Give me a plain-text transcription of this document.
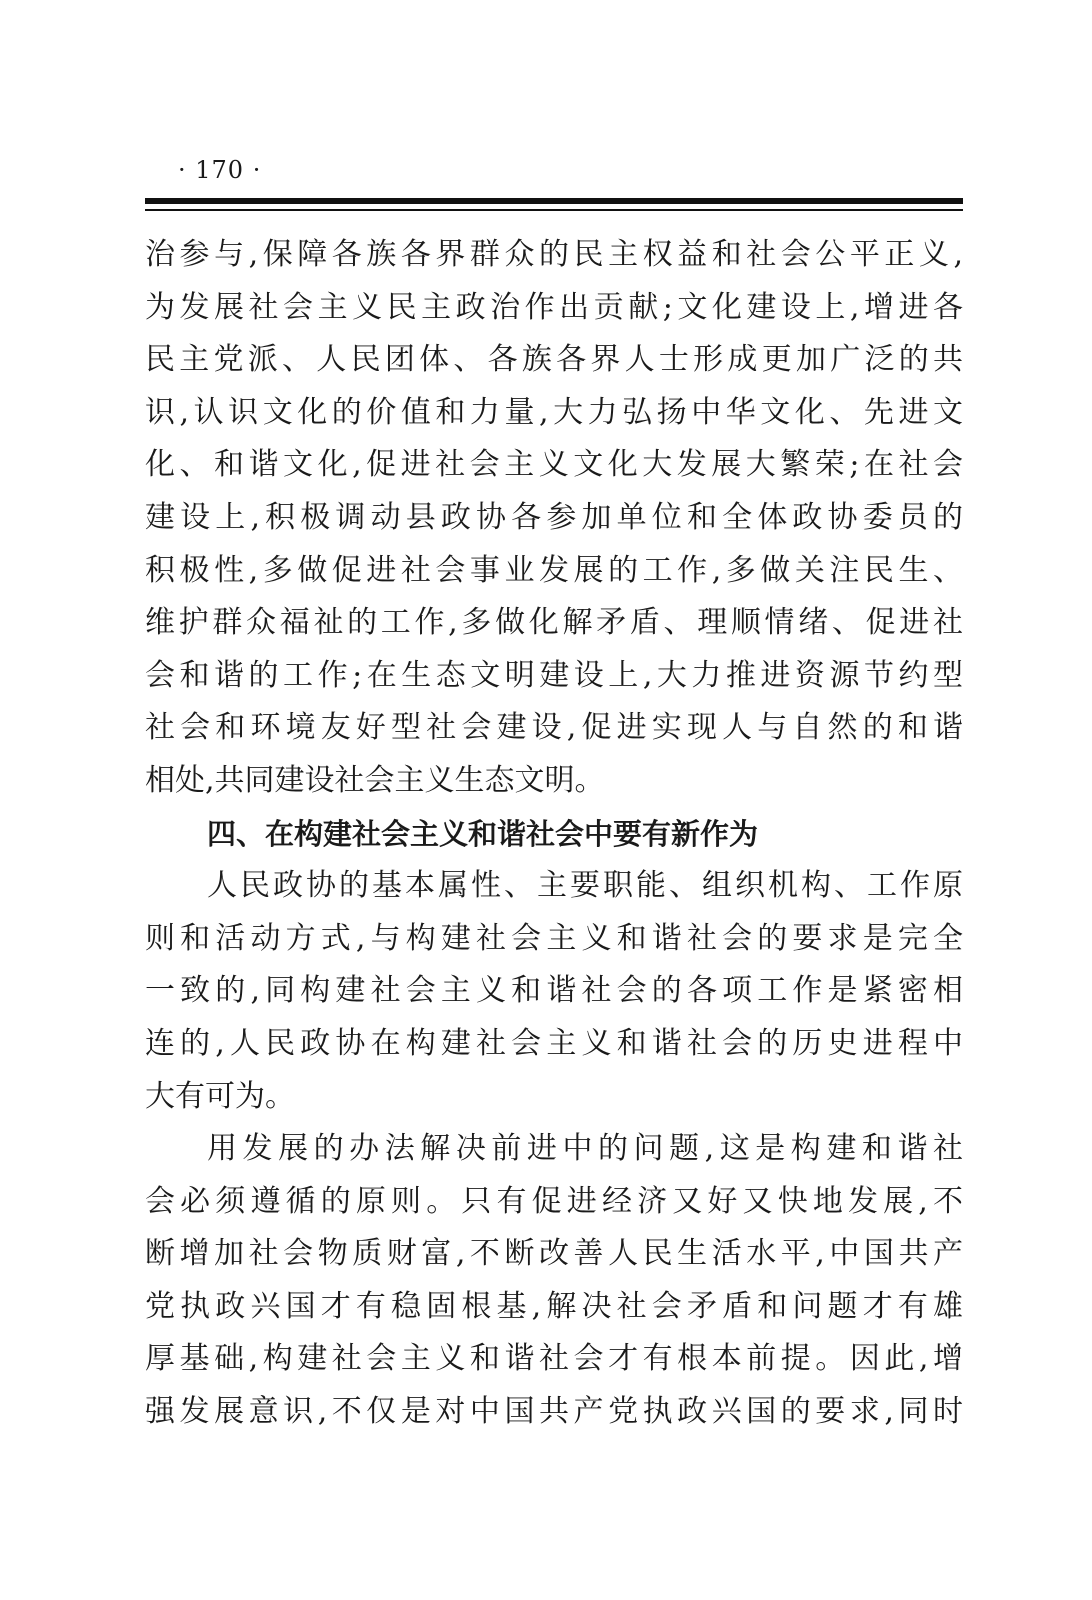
· 170 ·
治参与,保障各族各界群众的民主权益和社会公平正义,
为发展社会主义民主政治作出贡献;文化建设上,增进各
民主党派、人民团体、各族各界人士形成更加广泛的共
识,认识文化的价值和力量,大力弘扬中华文化、先进文
化、和谐文化,促进社会主义文化大发展大繁荣;在社会
建设上,积极调动县政协各参加单位和全体政协委员的
积极性,多做促进社会事业发展的工作,多做关注民生、
维护群众福祉的工作,多做化解矛盾、理顺情绪、促进社
会和谐的工作;在生态文明建设上,大力推进资源节约型
社会和环境友好型社会建设,促进实现人与自然的和谐
相处,共同建设社会主义生态文明。
四、在构建社会主义和谐社会中要有新作为
人民政协的基本属性、主要职能、组织机构、工作原
则和活动方式,与构建社会主义和谐社会的要求是完全
一致的,同构建社会主义和谐社会的各项工作是紧密相
连的,人民政协在构建社会主义和谐社会的历史进程中
大有可为。
用发展的办法解决前进中的问题,这是构建和谐社
会必须遵循的原则。只有促进经济又好又快地发展,不
断增加社会物质财富,不断改善人民生活水平,中国共产
党执政兴国才有稳固根基,解决社会矛盾和问题才有雄
厚基础,构建社会主义和谐社会才有根本前提。因此,增
强发展意识,不仅是对中国共产党执政兴国的要求,同时
